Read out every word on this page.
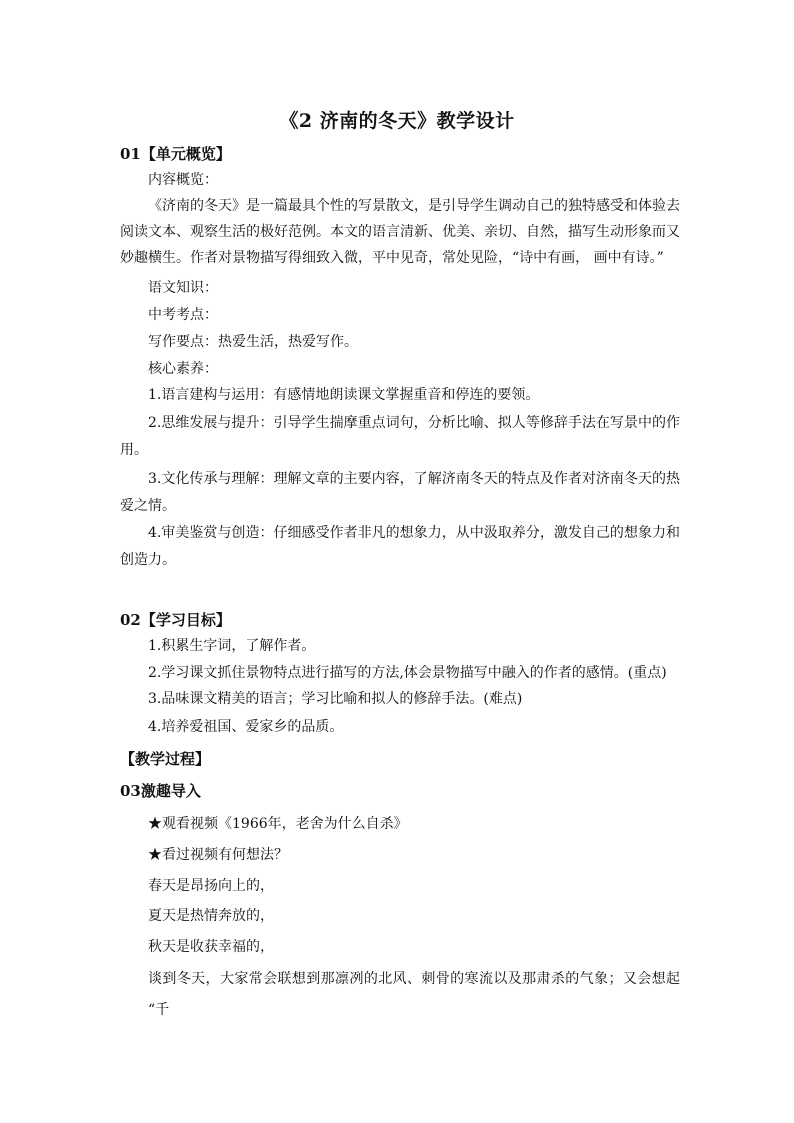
《2 济南的冬天》教学设计
01【单元概览】
内容概览：
《济南的冬天》是一篇最具个性的写景散文，是引导学生调动自己的独特感受和体验去
阅读文本、观察生活的极好范例。本文的语言清新、优美、亲切、自然，描写生动形象而又
妙趣横生。作者对景物描写得细致入微，平中见奇，常处见险，“诗中有画， 画中有诗。”
语文知识：
中考考点：
写作要点：热爱生活，热爱写作。
核心素养：
1.语言建构与运用：有感情地朗读课文掌握重音和停连的要领。
2.思维发展与提升：引导学生揣摩重点词句，分析比喻、拟人等修辞手法在写景中的作
用。
3.文化传承与理解：理解文章的主要内容，了解济南冬天的特点及作者对济南冬天的热
爱之情。
4.审美鉴赏与创造：仔细感受作者非凡的想象力，从中汲取养分，激发自己的想象力和
创造力。
02【学习目标】
1.积累生字词，了解作者。
2.学习课文抓住景物特点进行描写的方法,体会景物描写中融入的作者的感情。(重点)
3.品味课文精美的语言；学习比喻和拟人的修辞手法。(难点)
4.培养爱祖国、爱家乡的品质。
【教学过程】
03激趣导入
★观看视频《1966年，老舍为什么自杀》
★看过视频有何想法？
春天是昂扬向上的，
夏天是热情奔放的，
秋天是收获幸福的，
谈到冬天，大家常会联想到那凛冽的北风、刺骨的寒流以及那肃杀的气象；又会想起
“千
